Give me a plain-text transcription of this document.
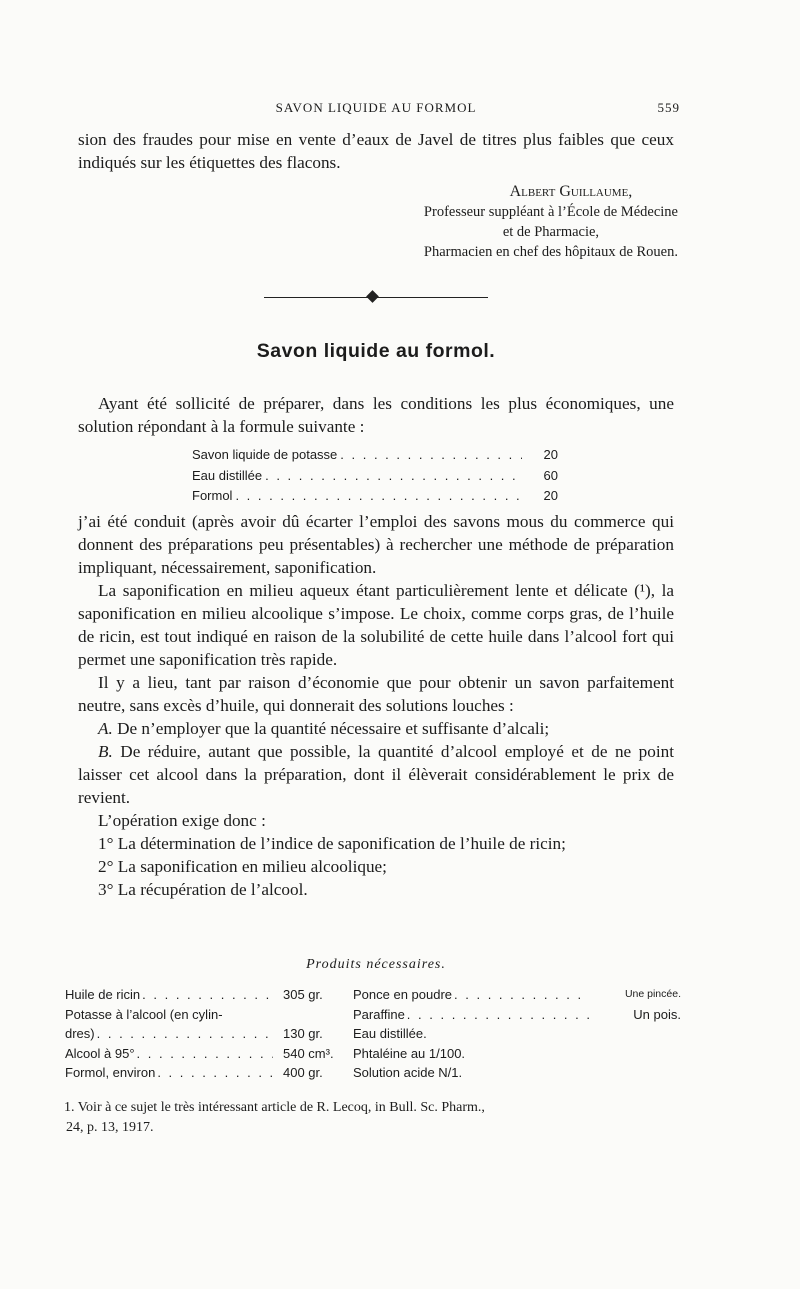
SAVON LIQUIDE AU FORMOL	559

sion des fraudes pour mise en vente d’eaux de Javel de titres plus faibles que ceux indiqués sur les étiquettes des flacons.

Albert Guillaume,
Professeur suppléant à l’École de Médecine
et de Pharmacie,
Pharmacien en chef des hôpitaux de Rouen.
Savon liquide au formol.

Ayant été sollicité de préparer, dans les conditions les plus économiques, une solution répondant à la formule suivante :

Savon liquide de potasse . . .	20
Eau distillée . . .	60
Formol . . .	20

j’ai été conduit (après avoir dû écarter l’emploi des savons mous du commerce qui donnent des préparations peu présentables) à rechercher une méthode de préparation impliquant, nécessairement, saponification.

La saponification en milieu aqueux étant particulièrement lente et délicate (¹), la saponification en milieu alcoolique s’impose. Le choix, comme corps gras, de l’huile de ricin, est tout indiqué en raison de la solubilité de cette huile dans l’alcool fort qui permet une saponification très rapide.

Il y a lieu, tant par raison d’économie que pour obtenir un savon parfaitement neutre, sans excès d’huile, qui donnerait des solutions louches :

A. De n’employer que la quantité nécessaire et suffisante d’alcali;

B. De réduire, autant que possible, la quantité d’alcool employé et de ne point laisser cet alcool dans la préparation, dont il élèverait considérablement le prix de revient.

L’opération exige donc :

1° La détermination de l’indice de saponification de l’huile de ricin;

2° La saponification en milieu alcoolique;

3° La récupération de l’alcool.

Produits nécessaires.
Huile de ricin . . .	305 gr.	Ponce en poudre . . .	Une pincée.
Potasse à l’alcool (en cylin-	Paraffine . . .	Un pois.
dres) . . .	130 gr.	Eau distillée.
Alcool à 95° . . .	540 cm³.	Phtaléine au 1/100.
Formol, environ . . .	400 gr.	Solution acide N/1.
1. Voir à ce sujet le très intéressant article de R. Lecoq, in Bull. Sc. Pharm.,
24, p. 13, 1917.
